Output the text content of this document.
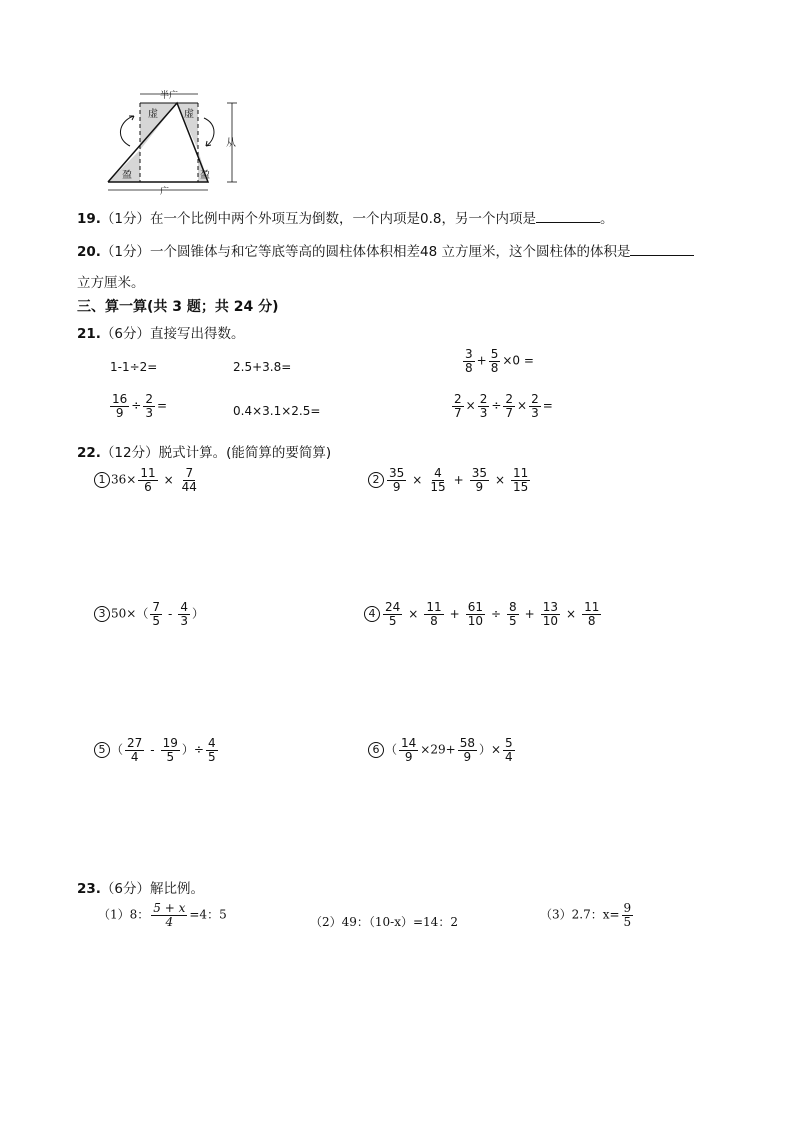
半广
虚	虚
盈	盈
广
从
19.（1分）在一个比例中两个外项互为倒数，一个内项是0.8，另一个内项是	。
20.（1分）一个圆锥体与和它等底等高的圆柱体体积相差48 立方厘米，这个圆柱体的体积是
立方厘米。
三、算一算(共 3 题；共 24 分)
21.（6分）直接写出得数。
1-1÷2=	2.5+3.8=	$\frac{3}{8} + \frac{5}{8} \times 0$ =
$\frac{16}{9} \div \frac{2}{3}$ =	0.4×3.1×2.5=	$\frac{2}{7} \times \frac{2}{3} \div \frac{2}{7} \times \frac{2}{3}$ =
22.（12分）脱式计算。(能简算的要简算)
1 $36\times \frac{11}{6} \times \frac{7}{44}$	$2 \frac{35}{9} \times \frac{4}{15} + \frac{35}{9} \times \frac{11}{15}$
3 $50\times( \frac{7}{5} - \frac{4}{3}$ ）	$4 \frac{24}{5} \times \frac{11}{8} + \frac{61}{10} \div \frac{8}{5} + \frac{13}{10} \times \frac{11}{8}$
5 （ $\frac{27}{4} - \frac{19}{5}$ ）÷ $\frac{4}{5}$	6 （ $\frac{14}{9} \times 29+ \frac{58}{9}$ ）× $\frac{5}{4}$
23.（6分）解比例。
（1）8： $\frac{5 + x}{4} =4$：5
（2）49：（10-x）=14：2
（3）2.7：$x= \frac{9}{5}$
